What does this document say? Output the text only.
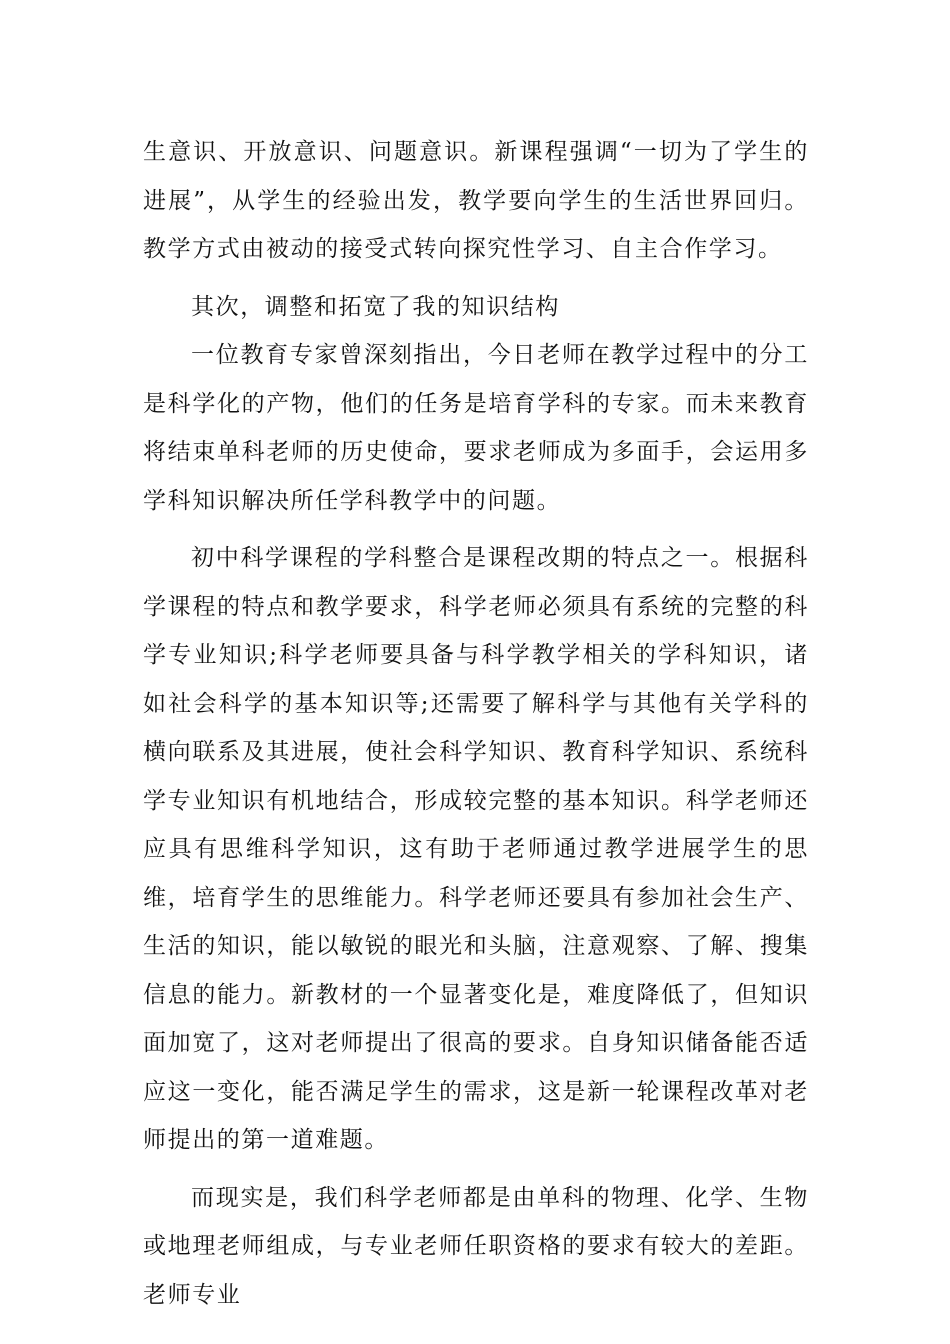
生意识、开放意识、问题意识。新课程强调“一切为了学生的进展”，从学生的经验出发，教学要向学生的生活世界回归。教学方式由被动的接受式转向探究性学习、自主合作学习。

其次，调整和拓宽了我的知识结构

一位教育专家曾深刻指出，今日老师在教学过程中的分工是科学化的产物，他们的任务是培育学科的专家。而未来教育将结束单科老师的历史使命，要求老师成为多面手，会运用多学科知识解决所任学科教学中的问题。

初中科学课程的学科整合是课程改期的特点之一。根据科学课程的特点和教学要求，科学老师必须具有系统的完整的科学专业知识;科学老师要具备与科学教学相关的学科知识，诸如社会科学的基本知识等;还需要了解科学与其他有关学科的横向联系及其进展，使社会科学知识、教育科学知识、系统科学专业知识有机地结合，形成较完整的基本知识。科学老师还应具有思维科学知识，这有助于老师通过教学进展学生的思维，培育学生的思维能力。科学老师还要具有参加社会生产、生活的知识，能以敏锐的眼光和头脑，注意观察、了解、搜集信息的能力。新教材的一个显著变化是，难度降低了，但知识面加宽了，这对老师提出了很高的要求。自身知识储备能否适应这一变化，能否满足学生的需求，这是新一轮课程改革对老师提出的第一道难题。

而现实是，我们科学老师都是由单科的物理、化学、生物或地理老师组成，与专业老师任职资格的要求有较大的差距。老师专业
